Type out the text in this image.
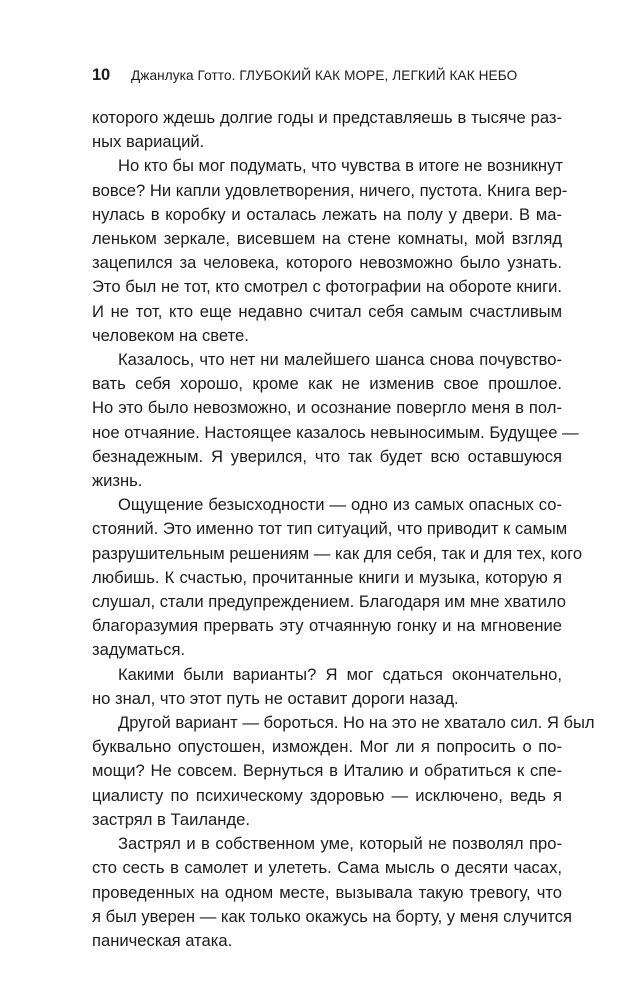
10 Джанлука Готто. ГЛУБОКИЙ КАК МОРЕ, ЛЕГКИЙ КАК НЕБО

которого ждешь долгие годы и представляешь в тысяче раз-
ных вариаций.

Но кто бы мог подумать, что чувства в итоге не возникнут
вовсе? Ни капли удовлетворения, ничего, пустота. Книга вер-
нулась в коробку и осталась лежать на полу у двери. В ма-
леньком зеркале, висевшем на стене комнаты, мой взгляд
зацепился за человека, которого невозможно было узнать.
Это был не тот, кто смотрел с фотографии на обороте книги.
И не тот, кто еще недавно считал себя самым счастливым
человеком на свете.

Казалось, что нет ни малейшего шанса снова почувство-
вать себя хорошо, кроме как не изменив свое прошлое.
Но это было невозможно, и осознание повергло меня в пол-
ное отчаяние. Настоящее казалось невыносимым. Будущее —
безнадежным. Я уверился, что так будет всю оставшуюся
жизнь.

Ощущение безысходности — одно из самых опасных со-
стояний. Это именно тот тип ситуаций, что приводит к самым
разрушительным решениям — как для себя, так и для тех, кого
любишь. К счастью, прочитанные книги и музыка, которую я
слушал, стали предупреждением. Благодаря им мне хватило
благоразумия прервать эту отчаянную гонку и на мгновение
задуматься.

Какими были варианты? Я мог сдаться окончательно,
но знал, что этот путь не оставит дороги назад.

Другой вариант — бороться. Но на это не хватало сил. Я был
буквально опустошен, изможден. Мог ли я попросить о по-
мощи? Не совсем. Вернуться в Италию и обратиться к спе-
циалисту по психическому здоровью — исключено, ведь я
застрял в Таиланде.

Застрял и в собственном уме, который не позволял про-
сто сесть в самолет и улететь. Сама мысль о десяти часах,
проведенных на одном месте, вызывала такую тревогу, что
я был уверен — как только окажусь на борту, у меня случится
паническая атака.
